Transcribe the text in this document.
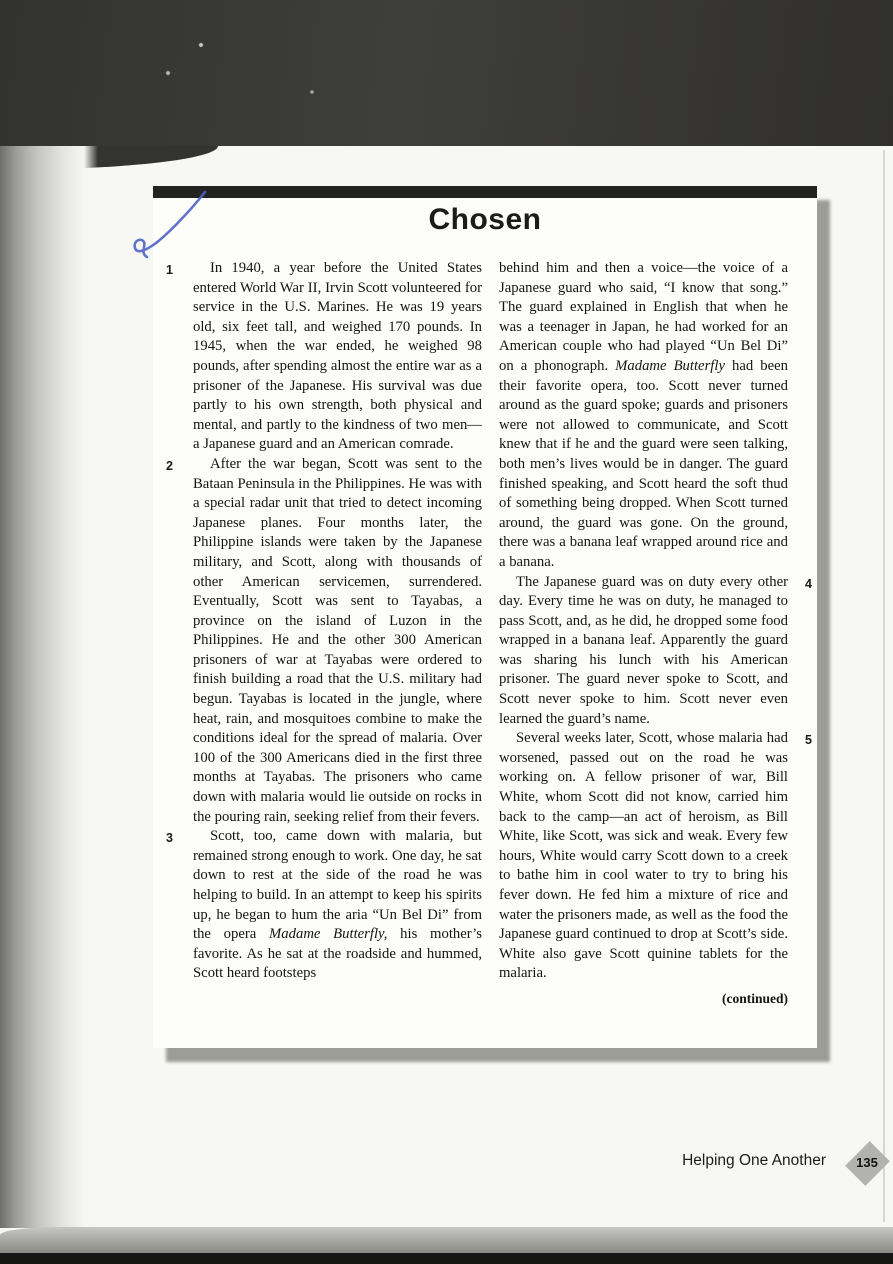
Chosen

1	In 1940, a year before the United States entered World War II, Irvin Scott volunteered for service in the U.S. Marines. He was 19 years old, six feet tall, and weighed 170 pounds. In 1945, when the war ended, he weighed 98 pounds, after spending almost the entire war as a prisoner of the Japanese. His survival was due partly to his own strength, both physical and mental, and partly to the kindness of two men—a Japanese guard and an American comrade.

2	After the war began, Scott was sent to the Bataan Peninsula in the Philippines. He was with a special radar unit that tried to detect incoming Japanese planes. Four months later, the Philippine islands were taken by the Japanese military, and Scott, along with thousands of other American servicemen, surrendered. Eventually, Scott was sent to Tayabas, a province on the island of Luzon in the Philippines. He and the other 300 American prisoners of war at Tayabas were ordered to finish building a road that the U.S. military had begun. Tayabas is located in the jungle, where heat, rain, and mosquitoes combine to make the conditions ideal for the spread of malaria. Over 100 of the 300 Americans died in the first three months at Tayabas. The prisoners who came down with malaria would lie outside on rocks in the pouring rain, seeking relief from their fevers.

3	Scott, too, came down with malaria, but remained strong enough to work. One day, he sat down to rest at the side of the road he was helping to build. In an attempt to keep his spirits up, he began to hum the aria “Un Bel Di” from the opera Madame Butterfly, his mother’s favorite. As he sat at the roadside and hummed, Scott heard footsteps

behind him and then a voice—the voice of a Japanese guard who said, “I know that song.” The guard explained in English that when he was a teenager in Japan, he had worked for an American couple who had played “Un Bel Di” on a phonograph. Madame Butterfly had been their favorite opera, too. Scott never turned around as the guard spoke; guards and prisoners were not allowed to communicate, and Scott knew that if he and the guard were seen talking, both men’s lives would be in danger. The guard finished speaking, and Scott heard the soft thud of something being dropped. When Scott turned around, the guard was gone. On the ground, there was a banana leaf wrapped around rice and a banana.

4
The Japanese guard was on duty every other day. Every time he was on duty, he managed to pass Scott, and, as he did, he dropped some food wrapped in a banana leaf. Apparently the guard was sharing his lunch with his American prisoner. The guard never spoke to Scott, and Scott never spoke to him. Scott never even learned the guard’s name.

5
Several weeks later, Scott, whose malaria had worsened, passed out on the road he was working on. A fellow prisoner of war, Bill White, whom Scott did not know, carried him back to the camp—an act of heroism, as Bill White, like Scott, was sick and weak. Every few hours, White would carry Scott down to a creek to bathe him in cool water to try to bring his fever down. He fed him a mixture of rice and water the prisoners made, as well as the food the Japanese guard continued to drop at Scott’s side. White also gave Scott quinine tablets for the malaria.

(continued)
Helping One Another	135
